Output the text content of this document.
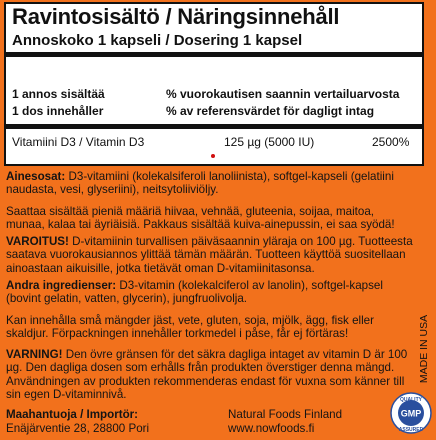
Ravintosisältö / Näringsinnehåll
Annoskoko 1 kapseli / Dosering 1 kapsel
1 annos sisältää
1 dos innehåller
% vuorokautisen saannin vertailuarvosta
% av referensvärdet för dagligt intag
Vitamiini D3 / Vitamin D3	125 µg (5000 IU)	2500%
Ainesosat: D3-vitamiini (kolekalsiferoli lanoliinista), softgel-kapseli (gelatiini naudasta, vesi, glyseriini), neitsytoliiviöljy.
Saattaa sisältää pieniä määriä hiivaa, vehnää, gluteenia, soijaa, maitoa, munaa, kalaa tai äyriäisiä. Pakkaus sisältää kuiva-ainepussin, ei saa syödä!
VAROITUS! D-vitamiinin turvallisen päiväsaannin yläraja on 100 µg. Tuotteesta saatava vuorokausiannos ylittää tämän määrän. Tuotteen käyttöä suositellaan ainoastaan aikuisille, jotka tietävät oman D-vitamiinitasonsa.
Andra ingredienser: D3-vitamin (kolekalciferol av lanolin), softgel-kapsel (bovint gelatin, vatten, glycerin), jungfruolivolja.
Kan innehålla små mängder jäst, vete, gluten, soja, mjölk, ägg, fisk eller skaldjur. Förpackningen innehåller torkmedel i påse, får ej förtäras!
VARNING! Den övre gränsen för det säkra dagliga intaget av vitamin D är 100 µg. Den dagliga dosen som erhålls från produkten överstiger denna mängd. Användningen av produkten rekommenderas endast för vuxna som känner till sin egen D-vitaminnivå.
MADE IN USA
Maahantuoja / Importör:
Enäjärventie 28, 28800 Pori
Natural Foods Finland
www.nowfoods.fi
QUALITY
GMP
ASSURED
